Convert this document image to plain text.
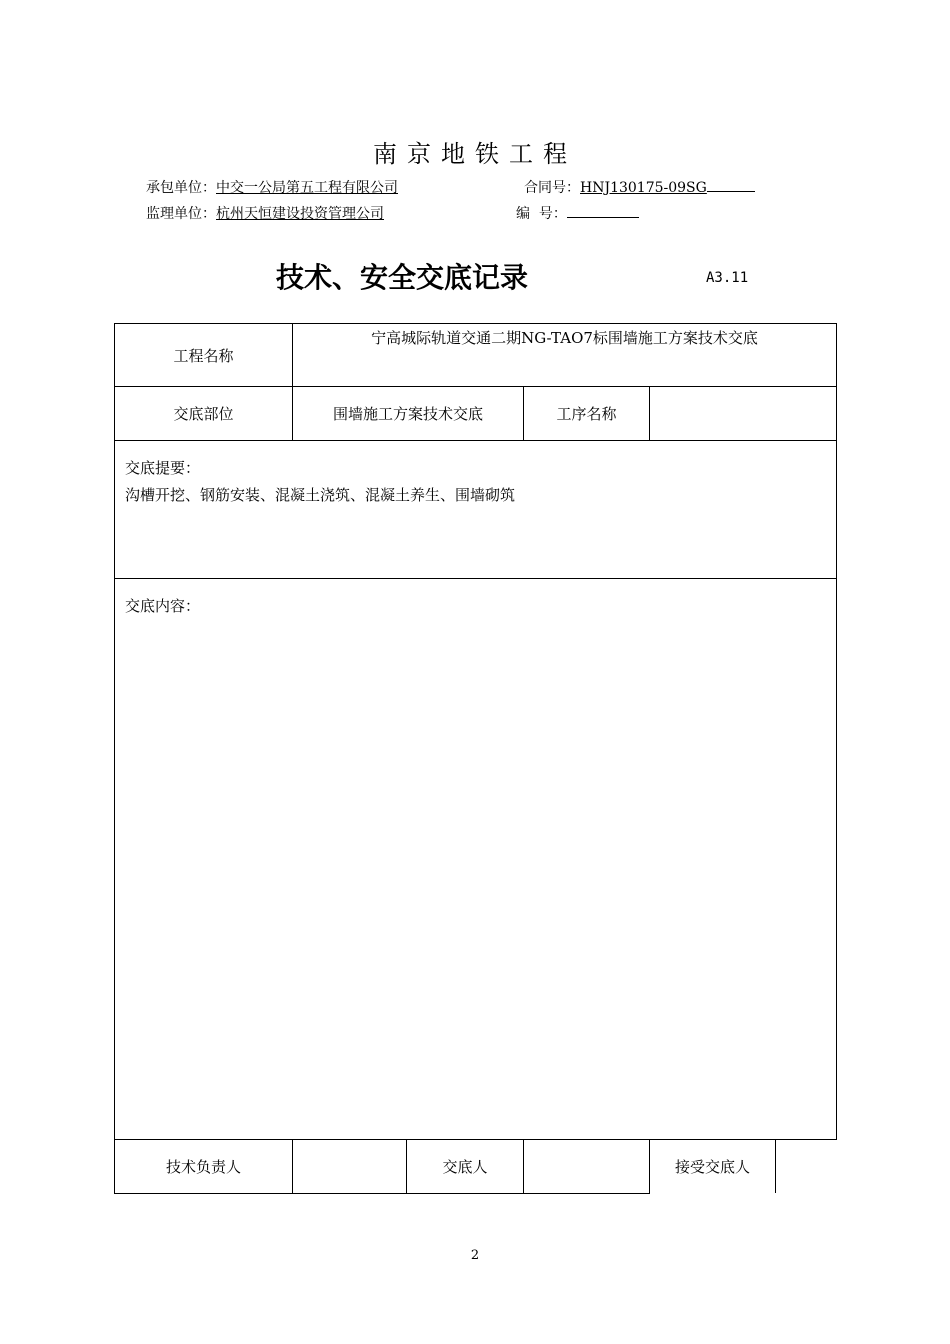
南京地铁工程
承包单位：中交一公局第五工程有限公司	合同号：HNJ130175-09SG
监理单位：杭州天恒建设投资管理公司	编  号：
技术、安全交底记录	A3.11
工程名称	宁高城际轨道交通二期NG-TAO7标围墙施工方案技术交底
交底部位	围墙施工方案技术交底	工序名称	

交底提要：
沟槽开挖、钢筋安装、混凝土浇筑、混凝土养生、围墙砌筑

交底内容：

技术负责人		交底人			接受交底人	
2
